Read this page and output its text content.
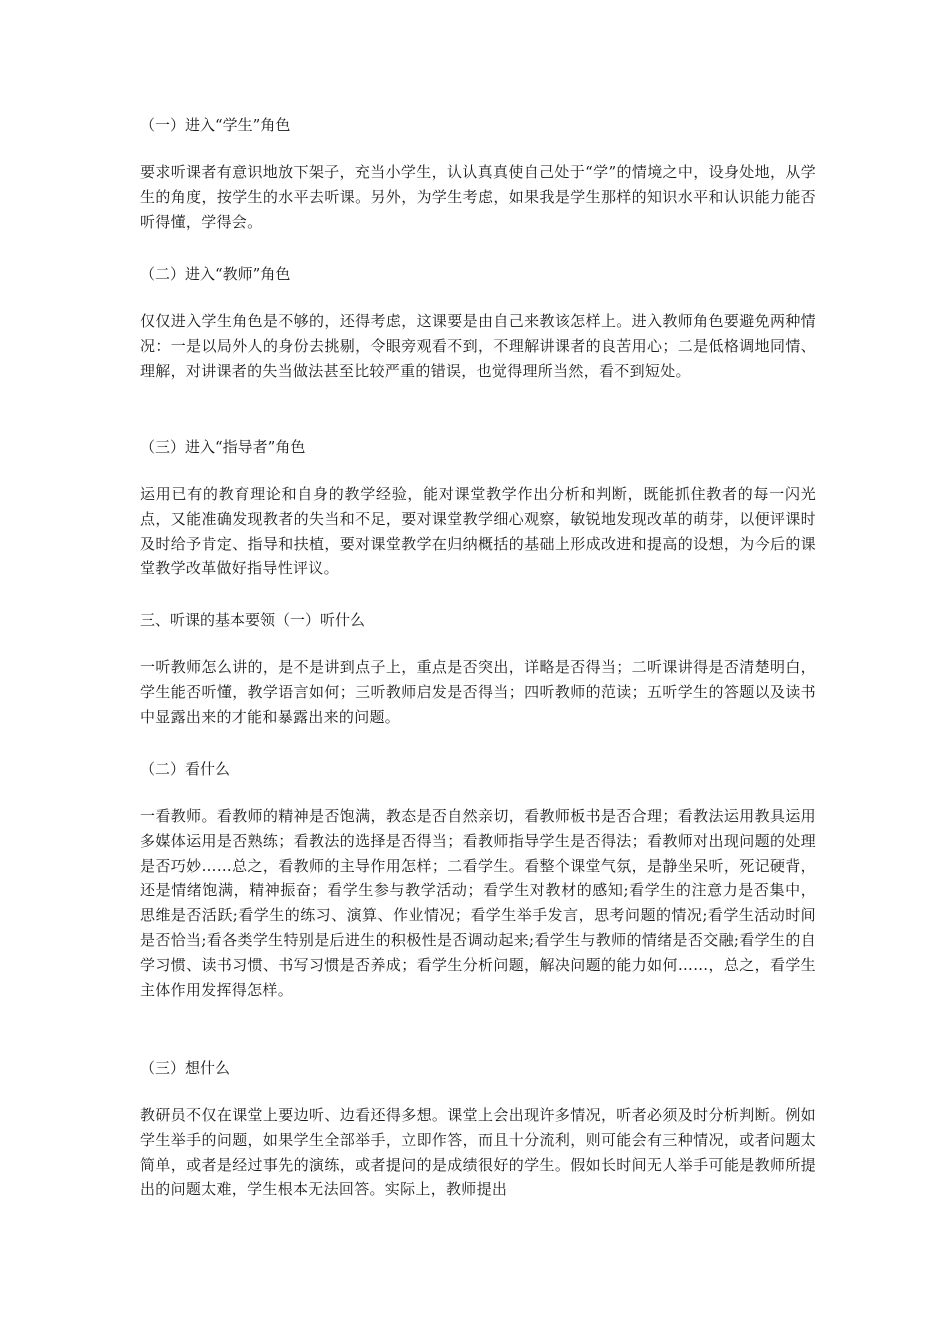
（一）进入“学生”角色
要求听课者有意识地放下架子，充当小学生，认认真真使自己处于“学”的情境之中，设身处地，从学生的角度，按学生的水平去听课。另外，为学生考虑，如果我是学生那样的知识水平和认识能力能否听得懂，学得会。
（二）进入“教师”角色
仅仅进入学生角色是不够的，还得考虑，这课要是由自己来教该怎样上。进入教师角色要避免两种情况：一是以局外人的身份去挑剔，令眼旁观看不到，不理解讲课者的良苦用心；二是低格调地同情、理解，对讲课者的失当做法甚至比较严重的错误，也觉得理所当然，看不到短处。
（三）进入“指导者”角色
运用已有的教育理论和自身的教学经验，能对课堂教学作出分析和判断，既能抓住教者的每一闪光点，又能准确发现教者的失当和不足，要对课堂教学细心观察，敏锐地发现改革的萌芽，以便评课时及时给予肯定、指导和扶植，要对课堂教学在归纳概括的基础上形成改进和提高的设想，为今后的课堂教学改革做好指导性评议。
三、听课的基本要领（一）听什么
一听教师怎么讲的，是不是讲到点子上，重点是否突出，详略是否得当；二听课讲得是否清楚明白，学生能否听懂，教学语言如何；三听教师启发是否得当；四听教师的范读；五听学生的答题以及读书中显露出来的才能和暴露出来的问题。
（二）看什么
一看教师。看教师的精神是否饱满，教态是否自然亲切，看教师板书是否合理；看教法运用教具运用多媒体运用是否熟练；看教法的选择是否得当；看教师指导学生是否得法；看教师对出现问题的处理是否巧妙……总之，看教师的主导作用怎样；二看学生。看整个课堂气氛，是静坐呆听，死记硬背，还是情绪饱满，精神振奋；看学生参与教学活动；看学生对教材的感知;看学生的注意力是否集中，思维是否活跃;看学生的练习、演算、作业情况；看学生举手发言，思考问题的情况;看学生活动时间是否恰当;看各类学生特别是后进生的积极性是否调动起来;看学生与教师的情绪是否交融;看学生的自学习惯、读书习惯、书写习惯是否养成；看学生分析问题，解决问题的能力如何……，总之，看学生主体作用发挥得怎样。
（三）想什么
教研员不仅在课堂上要边听、边看还得多想。课堂上会出现许多情况，听者必须及时分析判断。例如学生举手的问题，如果学生全部举手，立即作答，而且十分流利，则可能会有三种情况，或者问题太简单，或者是经过事先的演练，或者提问的是成绩很好的学生。假如长时间无人举手可能是教师所提出的问题太难，学生根本无法回答。实际上，教师提出
